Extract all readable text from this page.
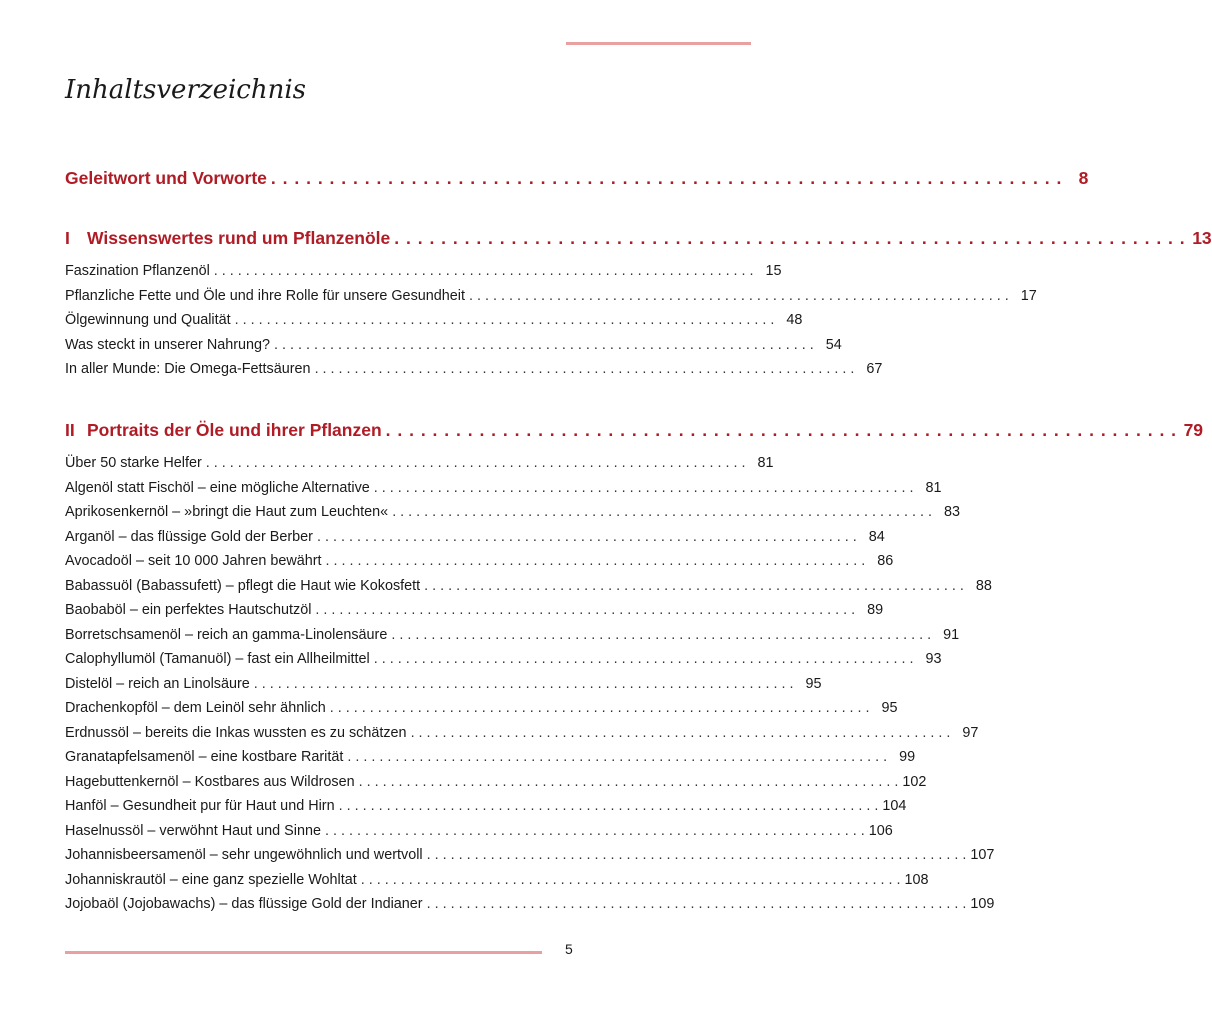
Inhaltsverzeichnis
Geleitwort und Vorworte . . . . . . . . . . . . . . . . . . . . . . . . . . . . . . . . . . . . . . . . . . . . . . . . . . . . . . . . . . . . . . . . . . . . 8
I Wissenswertes rund um Pflanzenöle . . . . . . . . . . . . . . . . . . . . . . . . . . . . . . . . . . . . . . . . . . . . . . . . . . . . . . . . . . . . . . . . . . . . 13
Faszination Pflanzenöl . . . . . . . . . . . . . . . . . . . . . . . . . . . . . . . . . . . . . . . . . . . . . . . . . . . . . . . . . . . . . . . . . . . . 15
Pflanzliche Fette und Öle und ihre Rolle für unsere Gesundheit . . . . . . . . . . . . . . . . . . . . . . . . . . . . . . . . . . . . . . . . . . . . . . . . . . . . . . . . . . . . . . . . . . . . 17
Ölgewinnung und Qualität . . . . . . . . . . . . . . . . . . . . . . . . . . . . . . . . . . . . . . . . . . . . . . . . . . . . . . . . . . . . . . . . . . . . 48
Was steckt in unserer Nahrung? . . . . . . . . . . . . . . . . . . . . . . . . . . . . . . . . . . . . . . . . . . . . . . . . . . . . . . . . . . . . . . . . . . . . 54
In aller Munde: Die Omega-Fettsäuren . . . . . . . . . . . . . . . . . . . . . . . . . . . . . . . . . . . . . . . . . . . . . . . . . . . . . . . . . . . . . . . . . . . . 67
II Portraits der Öle und ihrer Pflanzen . . . . . . . . . . . . . . . . . . . . . . . . . . . . . . . . . . . . . . . . . . . . . . . . . . . . . . . . . . . . . . . . . . . . 79
Über 50 starke Helfer . . . . . . . . . . . . . . . . . . . . . . . . . . . . . . . . . . . . . . . . . . . . . . . . . . . . . . . . . . . . . . . . . . . . 81
Algenöl statt Fischöl – eine mögliche Alternative . . . . . . . . . . . . . . . . . . . . . . . . . . . . . . . . . . . . . . . . . . . . . . . . . . . . . . . . . . . . . . . . . . . . 81
Aprikosenkernöl – »bringt die Haut zum Leuchten« . . . . . . . . . . . . . . . . . . . . . . . . . . . . . . . . . . . . . . . . . . . . . . . . . . . . . . . . . . . . . . . . . . . . 83
Arganöl – das flüssige Gold der Berber . . . . . . . . . . . . . . . . . . . . . . . . . . . . . . . . . . . . . . . . . . . . . . . . . . . . . . . . . . . . . . . . . . . . 84
Avocadoöl – seit 10 000 Jahren bewährt . . . . . . . . . . . . . . . . . . . . . . . . . . . . . . . . . . . . . . . . . . . . . . . . . . . . . . . . . . . . . . . . . . . . 86
Babassuöl (Babassufett) – pflegt die Haut wie Kokosfett . . . . . . . . . . . . . . . . . . . . . . . . . . . . . . . . . . . . . . . . . . . . . . . . . . . . . . . . . . . . . . . . . . . . 88
Baobaböl – ein perfektes Hautschutzöl . . . . . . . . . . . . . . . . . . . . . . . . . . . . . . . . . . . . . . . . . . . . . . . . . . . . . . . . . . . . . . . . . . . . 89
Borretschsamenöl – reich an gamma-Linolensäure . . . . . . . . . . . . . . . . . . . . . . . . . . . . . . . . . . . . . . . . . . . . . . . . . . . . . . . . . . . . . . . . . . . . 91
Calophyllumöl (Tamanuöl) – fast ein Allheilmittel . . . . . . . . . . . . . . . . . . . . . . . . . . . . . . . . . . . . . . . . . . . . . . . . . . . . . . . . . . . . . . . . . . . . 93
Distelöl – reich an Linolsäure . . . . . . . . . . . . . . . . . . . . . . . . . . . . . . . . . . . . . . . . . . . . . . . . . . . . . . . . . . . . . . . . . . . . 95
Drachenkopföl – dem Leinöl sehr ähnlich . . . . . . . . . . . . . . . . . . . . . . . . . . . . . . . . . . . . . . . . . . . . . . . . . . . . . . . . . . . . . . . . . . . . 95
Erdnussöl – bereits die Inkas wussten es zu schätzen . . . . . . . . . . . . . . . . . . . . . . . . . . . . . . . . . . . . . . . . . . . . . . . . . . . . . . . . . . . . . . . . . . . . 97
Granatapfelsamenöl – eine kostbare Rarität . . . . . . . . . . . . . . . . . . . . . . . . . . . . . . . . . . . . . . . . . . . . . . . . . . . . . . . . . . . . . . . . . . . . 99
Hagebuttenkernöl – Kostbares aus Wildrosen . . . . . . . . . . . . . . . . . . . . . . . . . . . . . . . . . . . . . . . . . . . . . . . . . . . . . . . . . . . . . . . . . . . . 102
Hanföl – Gesundheit pur für Haut und Hirn . . . . . . . . . . . . . . . . . . . . . . . . . . . . . . . . . . . . . . . . . . . . . . . . . . . . . . . . . . . . . . . . . . . . 104
Haselnussöl – verwöhnt Haut und Sinne . . . . . . . . . . . . . . . . . . . . . . . . . . . . . . . . . . . . . . . . . . . . . . . . . . . . . . . . . . . . . . . . . . . . 106
Johannisbeersamenöl – sehr ungewöhnlich und wertvoll . . . . . . . . . . . . . . . . . . . . . . . . . . . . . . . . . . . . . . . . . . . . . . . . . . . . . . . . . . . . . . . . . . . . 107
Johanniskrautöl – eine ganz spezielle Wohltat . . . . . . . . . . . . . . . . . . . . . . . . . . . . . . . . . . . . . . . . . . . . . . . . . . . . . . . . . . . . . . . . . . . . 108
Jojobaöl (Jojobawachs) – das flüssige Gold der Indianer . . . . . . . . . . . . . . . . . . . . . . . . . . . . . . . . . . . . . . . . . . . . . . . . . . . . . . . . . . . . . . . . . . . . 109
5
